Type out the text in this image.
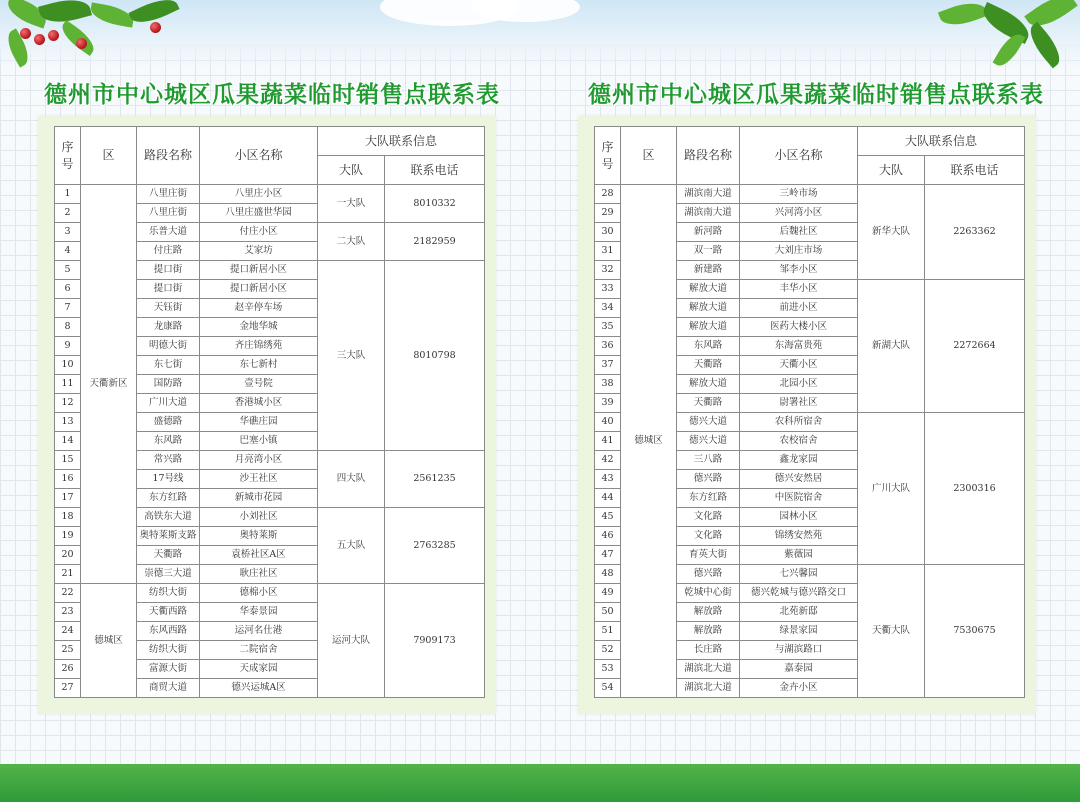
德州市中心城区瓜果蔬菜临时销售点联系表	德州市中心城区瓜果蔬菜临时销售点联系表
序
号	区	路段名称	小区名称	大队联系信息	
				大队	联系电话
1	天衢新区	八里庄街	八里庄小区	一大队	8010332
2		八里庄街	八里庄盛世华园		
3		乐普大道	付庄小区	二大队	2182959
4		付庄路	艾家坊		
5		提口街	提口新居小区	三大队	8010798
6		提口街	提口新居小区		
7		天钰街	赵辛停车场		
8		龙康路	金地华城		
9		明德大街	齐庄锦绣苑		
10		东七街	东七新村		
11		国防路	壹号院		
12		广川大道	香港城小区		
13		盛德路	华礁庄园		
14		东风路	巴塞小镇		
15		常兴路	月亮湾小区	四大队	2561235
16		17号线	沙王社区		
17		东方红路	新城市花园		
18		高铁东大道	小刘社区	五大队	2763285
19		奥特莱斯支路	奥特莱斯		
20		天衢路	袁桥社区A区		
21		崇德三大道	耿庄社区		
22	德城区	纺织大街	德棉小区	运河大队	7909173
23		天衢西路	华泰景园		
24		东风西路	运河名仕港		
25		纺织大街	二院宿舍		
26		富源大街	天成家园		
27		商贸大道	德兴运城A区		
序
号	区	路段名称	小区名称	大队联系信息	
				大队	联系电话
28	德城区	湖滨南大道	三岭市场	新华大队	2263362
29		湖滨南大道	兴河湾小区		
30		新河路	后魏社区		
31		双一路	大刘庄市场		
32		新建路	邹李小区		
33		解放大道	丰华小区	新湖大队	2272664
34		解放大道	前进小区		
35		解放大道	医药大楼小区		
36		东风路	东海富贵苑		
37		天衢路	天衢小区		
38		解放大道	北园小区		
39		天衢路	尉署社区		
40		德兴大道	农科所宿舍	广川大队	2300316
41		德兴大道	农校宿舍		
42		三八路	鑫龙家园		
43		德兴路	德兴安然居		
44		东方红路	中医院宿舍		
45		文化路	园林小区		
46		文化路	锦绣安然苑		
47		育英大街	紫薇园		
48		德兴路	七兴馨园	天衢大队	7530675
49		乾城中心街	德兴乾城与德兴路交口		
50		解放路	北苑新邸		
51		解放路	绿景家园		
52		长庄路	与湖滨路口		
53		湖滨北大道	嘉泰园		
54		湖滨北大道	金卉小区		
